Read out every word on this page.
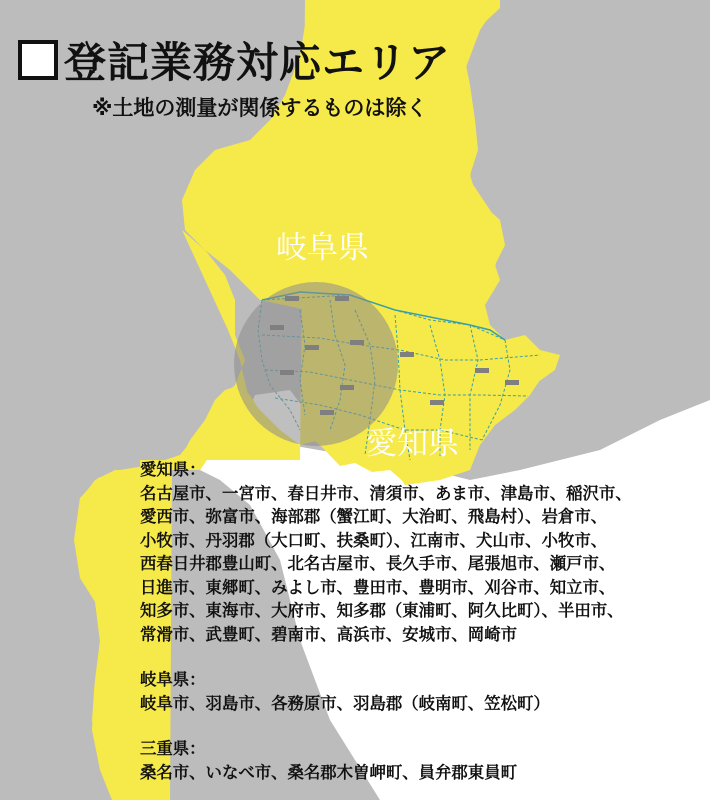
登記業務対応エリア
※土地の測量が関係するものは除く
岐阜県
愛知県
愛知県：
名古屋市、一宮市、春日井市、清須市、あま市、津島市、稲沢市、
愛西市、弥富市、海部郡（蟹江町、大治町、飛島村）、岩倉市、
小牧市、丹羽郡（大口町、扶桑町）、江南市、犬山市、小牧市、
西春日井郡豊山町、北名古屋市、長久手市、尾張旭市、瀬戸市、
日進市、東郷町、みよし市、豊田市、豊明市、刈谷市、知立市、
知多市、東海市、大府市、知多郡（東浦町、阿久比町）、半田市、
常滑市、武豊町、碧南市、高浜市、安城市、岡崎市
岐阜県：
岐阜市、羽島市、各務原市、羽島郡（岐南町、笠松町）
三重県：
桑名市、いなべ市、桑名郡木曽岬町、員弁郡東員町
